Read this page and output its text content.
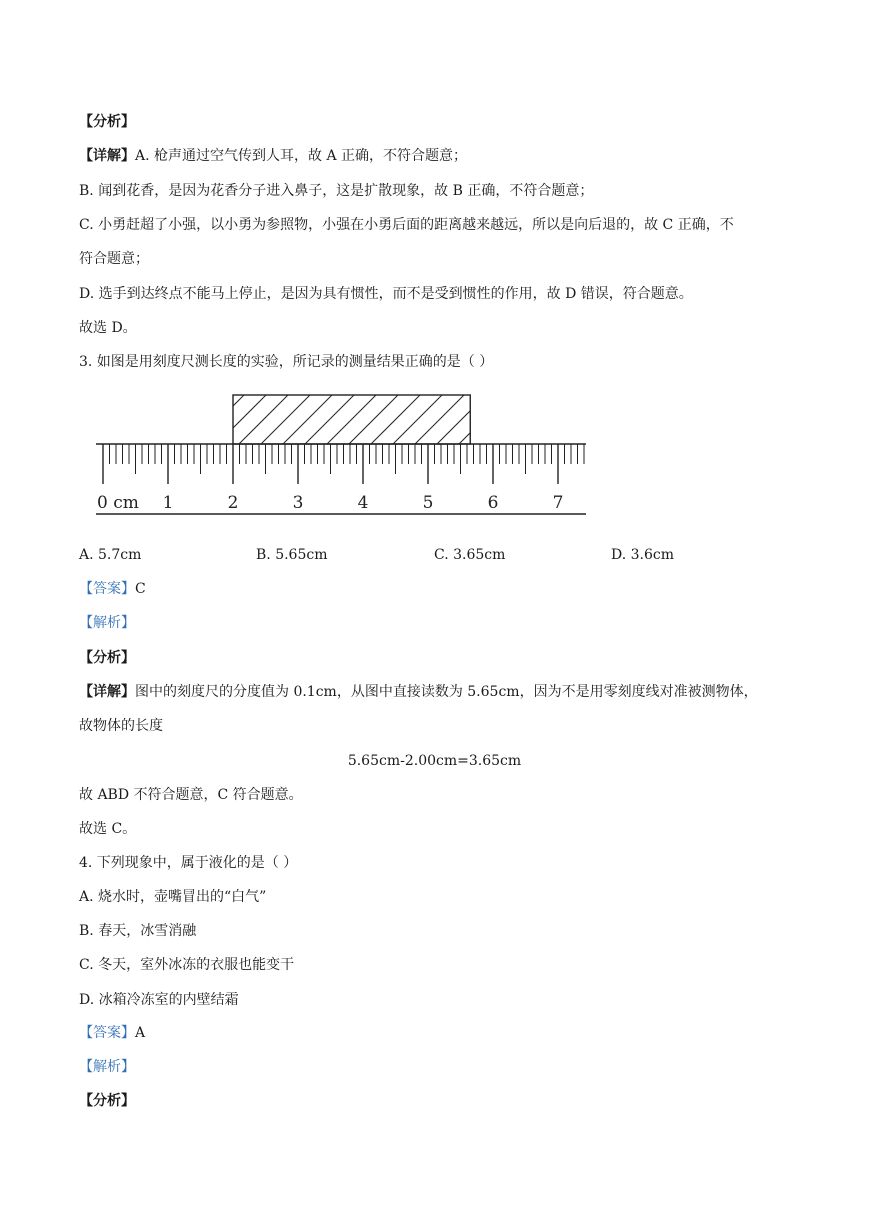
【分析】
【详解】A. 枪声通过空气传到人耳，故 A 正确，不符合题意；
B. 闻到花香，是因为花香分子进入鼻子，这是扩散现象，故 B 正确，不符合题意；
C. 小勇赶超了小强，以小勇为参照物，小强在小勇后面的距离越来越远，所以是向后退的，故 C 正确，不
符合题意；
D. 选手到达终点不能马上停止，是因为具有惯性，而不是受到惯性的作用，故 D 错误，符合题意。
故选 D。
3. 如图是用刻度尺测长度的实验，所记录的测量结果正确的是（ ）
0 cm 1	2	3	4	5	6	7
A. 5.7cm	B. 5.65cm	C. 3.65cm	D. 3.6cm
【答案】C
【解析】
【分析】
【详解】图中的刻度尺的分度值为 0.1cm，从图中直接读数为 5.65cm，因为不是用零刻度线对准被测物体，
故物体的长度
5.65cm-2.00cm=3.65cm
故 ABD 不符合题意，C 符合题意。
故选 C。
4. 下列现象中，属于液化的是（ ）
A. 烧水时，壶嘴冒出的“白气”
B. 春天，冰雪消融
C. 冬天，室外冰冻的衣服也能变干
D. 冰箱冷冻室的内壁结霜
【答案】A
【解析】
【分析】
